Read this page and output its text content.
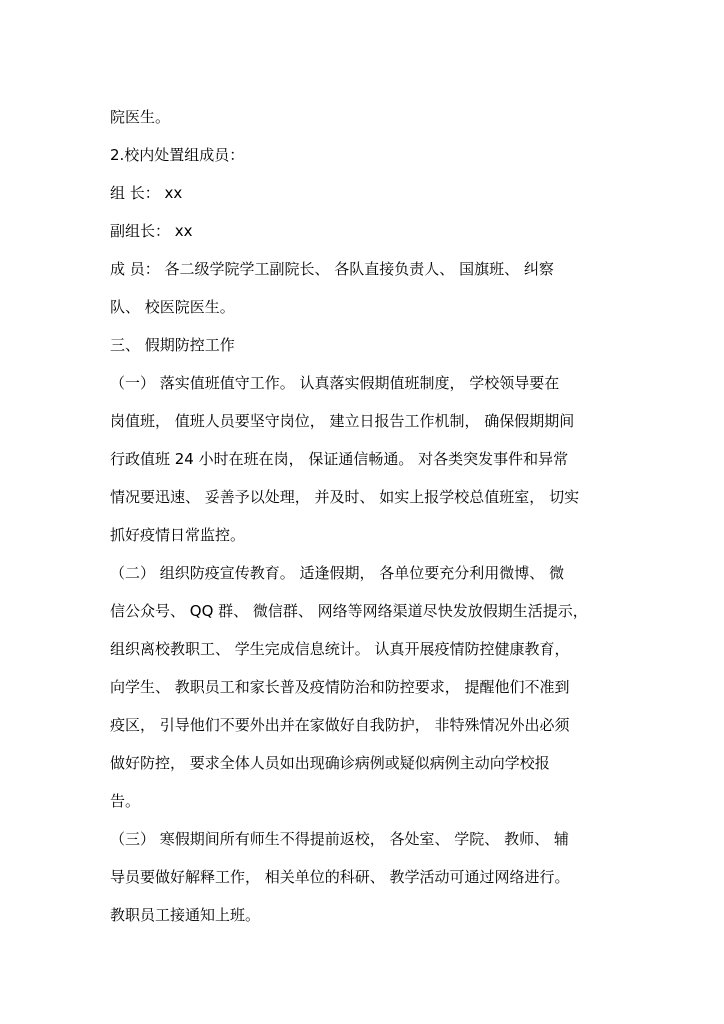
院医生。
2.校内处置组成员：
组 长： xx
副组长： xx
成 员： 各二级学院学工副院长、 各队直接负责人、 国旗班、 纠察
队、 校医院医生。
三、 假期防控工作
（一） 落实值班值守工作。 认真落实假期值班制度， 学校领导要在
岗值班， 值班人员要坚守岗位， 建立日报告工作机制， 确保假期期间
行政值班 24 小时在班在岗， 保证通信畅通。 对各类突发事件和异常
情况要迅速、 妥善予以处理， 并及时、 如实上报学校总值班室， 切实
抓好疫情日常监控。
（二） 组织防疫宣传教育。 适逢假期， 各单位要充分利用微博、 微
信公众号、 QQ 群、 微信群、 网络等网络渠道尽快发放假期生活提示，
组织离校教职工、 学生完成信息统计。 认真开展疫情防控健康教育，
向学生、 教职员工和家长普及疫情防治和防控要求， 提醒他们不准到
疫区， 引导他们不要外出并在家做好自我防护， 非特殊情况外出必须
做好防控， 要求全体人员如出现确诊病例或疑似病例主动向学校报
告。
（三） 寒假期间所有师生不得提前返校， 各处室、 学院、 教师、 辅
导员要做好解释工作， 相关单位的科研、 教学活动可通过网络进行。
教职员工接通知上班。
